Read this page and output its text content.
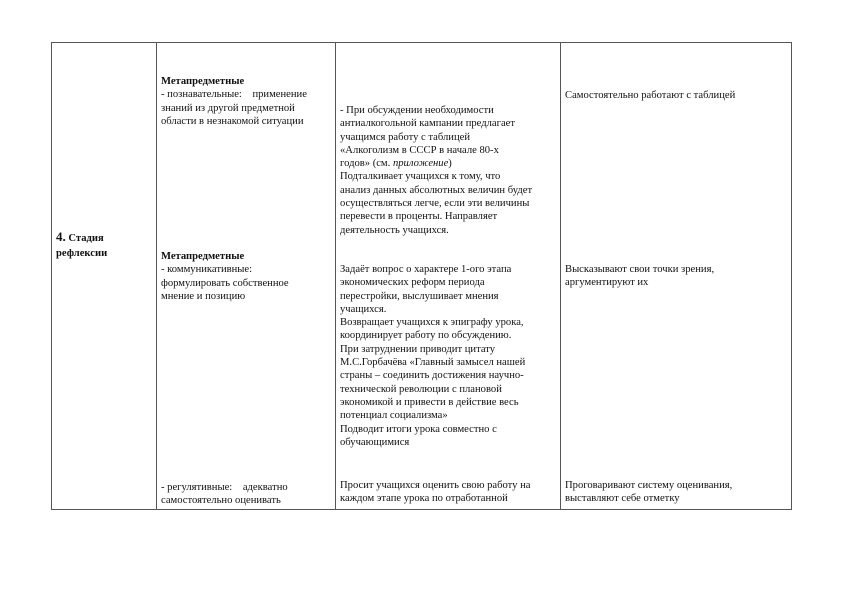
4. Стадия
рефлексии

Метапредметные

- познавательные:    применение

знаний из другой предметной

области в незнакомой ситуации

Метапредметные

- коммуникативные:

формулировать собственное

мнение и позицию

- регулятивные:    адекватно

самостоятельно оценивать

- При обсуждении необходимости

антиалкогольной кампании предлагает

учащимся работу с таблицей

«Алкоголизм в СССР в начале 80-х

годов» (см. приложение)

Подталкивает учащихся к тому, что

анализ данных абсолютных величин будет

осуществляться легче, если эти величины

перевести в проценты. Направляет

деятельность учащихся.

Задаёт вопрос о характере 1-ого этапа

экономических реформ периода

перестройки, выслушивает мнения

учащихся.

Возвращает учащихся к эпиграфу урока,

координирует работу по обсуждению.

При затруднении приводит цитату

М.С.Горбачёва «Главный замысел нашей

страны – соединить достижения научно-

технической революции с плановой

экономикой и привести в действие весь

потенциал социализма»

Подводит итоги урока совместно с

обучающимися

Просит учащихся оценить свою работу на

каждом этапе урока по отработанной

Самостоятельно работают с таблицей

Высказывают свои точки зрения,

аргументируют их

Проговаривают систему оценивания,

выставляют себе отметку
